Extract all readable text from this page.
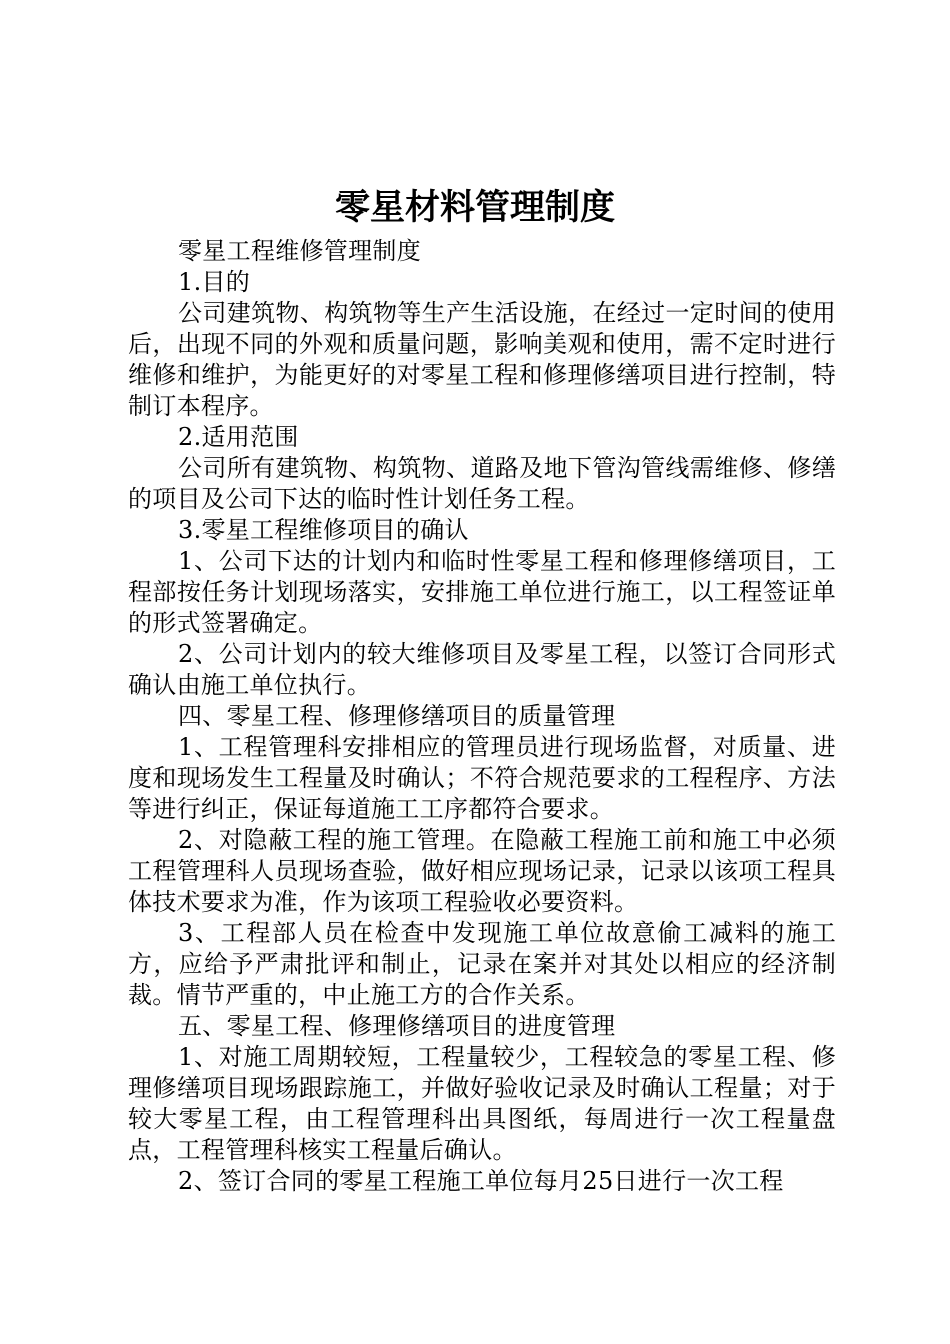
零星材料管理制度

零星工程维修管理制度

1.目的

公司建筑物、构筑物等生产生活设施，在经过一定时间的使用后，出现不同的外观和质量问题，影响美观和使用，需不定时进行维修和维护，为能更好的对零星工程和修理修缮项目进行控制，特制订本程序。

2.适用范围

公司所有建筑物、构筑物、道路及地下管沟管线需维修、修缮的项目及公司下达的临时性计划任务工程。

3.零星工程维修项目的确认

1、公司下达的计划内和临时性零星工程和修理修缮项目，工程部按任务计划现场落实，安排施工单位进行施工，以工程签证单的形式签署确定。

2、公司计划内的较大维修项目及零星工程，以签订合同形式确认由施工单位执行。

四、零星工程、修理修缮项目的质量管理

1、工程管理科安排相应的管理员进行现场监督，对质量、进度和现场发生工程量及时确认；不符合规范要求的工程程序、方法等进行纠正，保证每道施工工序都符合要求。

2、对隐蔽工程的施工管理。在隐蔽工程施工前和施工中必须工程管理科人员现场查验，做好相应现场记录，记录以该项工程具体技术要求为准，作为该项工程验收必要资料。

3、工程部人员在检查中发现施工单位故意偷工减料的施工方，应给予严肃批评和制止，记录在案并对其处以相应的经济制裁。情节严重的，中止施工方的合作关系。

五、零星工程、修理修缮项目的进度管理

1、对施工周期较短，工程量较少，工程较急的零星工程、修理修缮项目现场跟踪施工，并做好验收记录及时确认工程量；对于较大零星工程，由工程管理科出具图纸，每周进行一次工程量盘点，工程管理科核实工程量后确认。

2、签订合同的零星工程施工单位每月25日进行一次工程
